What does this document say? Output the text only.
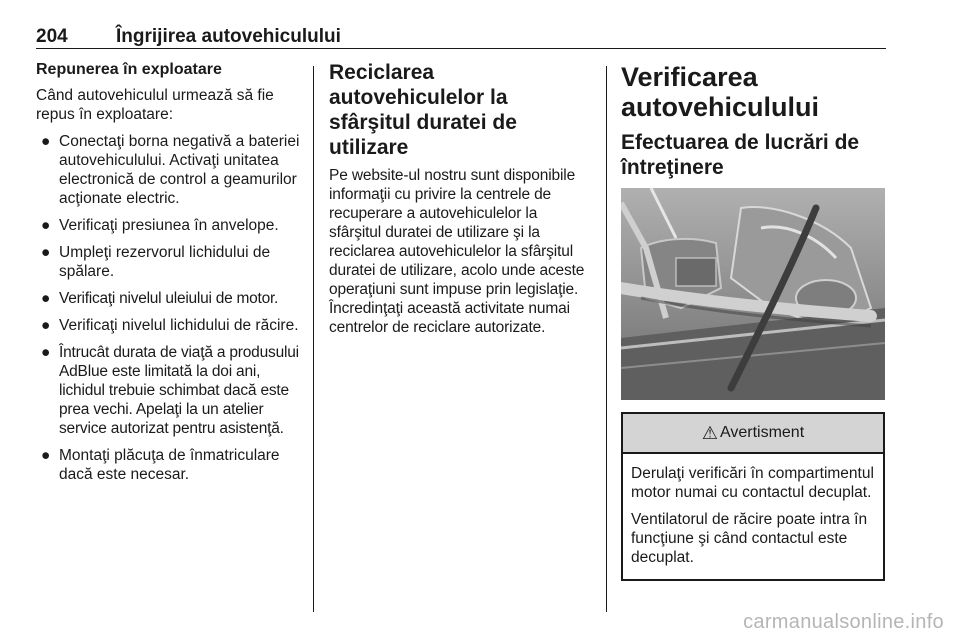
204	Îngrijirea autovehiculului
Repunerea în exploatare

Când autovehiculul urmează să fie repus în exploatare:

● Conectaţi borna negativă a bateriei autovehiculului. Activaţi unitatea electronică de control a geamurilor acţionate electric.
● Verificaţi presiunea în anvelope.
● Umpleţi rezervorul lichidului de spălare.
● Verificaţi nivelul uleiului de motor.
● Verificaţi nivelul lichidului de răcire.
● Întrucât durata de viaţă a produsului AdBlue este limitată la doi ani, lichidul trebuie schimbat dacă este prea vechi. Apelaţi la un atelier service autorizat pentru asistenţă.
● Montaţi plăcuţa de înmatriculare dacă este necesar.
Reciclarea autovehiculelor la sfârşitul duratei de utilizare

Pe website-ul nostru sunt disponibile informaţii cu privire la centrele de recuperare a autovehiculelor la sfârşitul duratei de utilizare şi la reciclarea autovehiculelor la sfârşitul duratei de utilizare, acolo unde aceste operaţiuni sunt impuse prin legislaţie. Încredinţaţi această activitate numai centrelor de reciclare autorizate.

Verificarea autovehiculului
Efectuarea de lucrări de întreţinere
⚠ Avertisment

Derulaţi verificări în compartimentul motor numai cu contactul decuplat.

Ventilatorul de răcire poate intra în funcţiune şi când contactul este decuplat.

carmanualsonline.info
